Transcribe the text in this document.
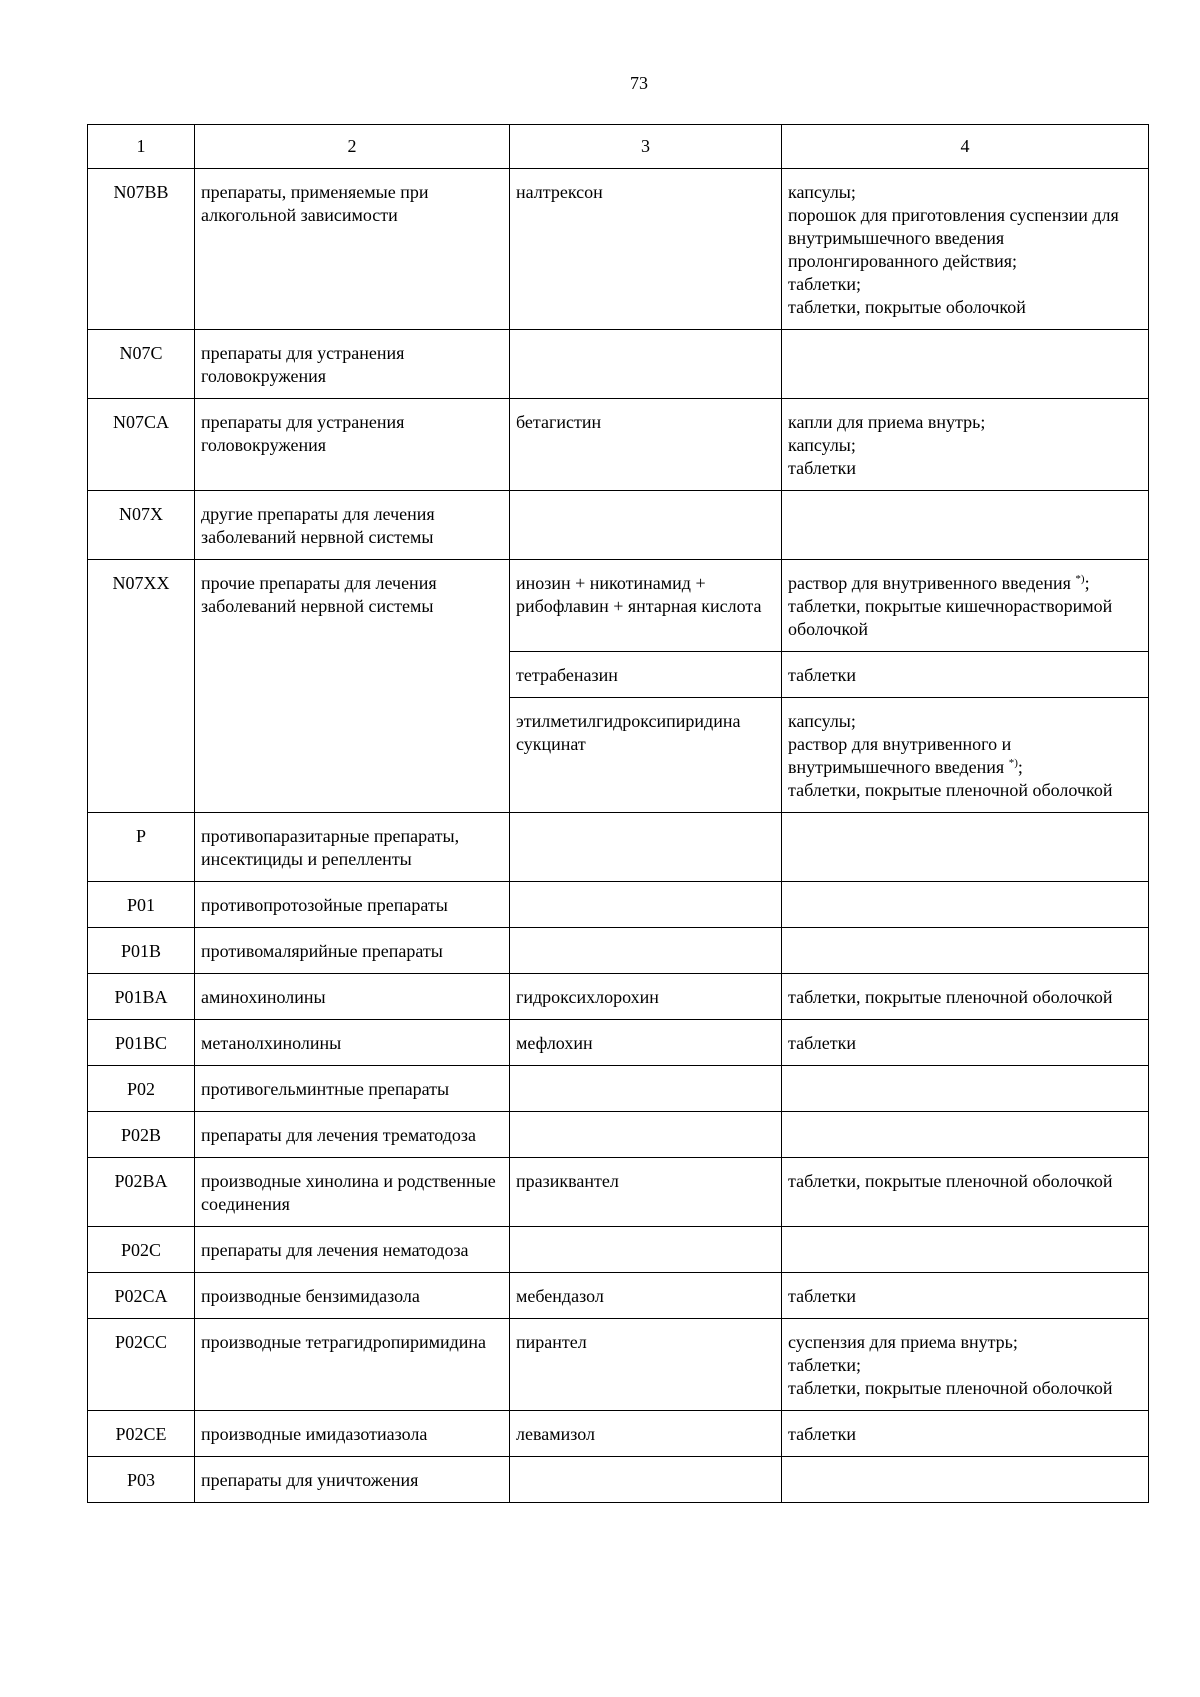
73
1	2	3	4
N07BB	препараты, применяемые при алкогольной зависимости	налтрексон	капсулы;
порошок для приготовления суспензии для внутримышечного введения пролонгированного действия;
таблетки;
таблетки, покрытые оболочкой
N07C	препараты для устранения головокружения		
N07CA	препараты для устранения головокружения	бетагистин	капли для приема внутрь;
капсулы;
таблетки
N07X	другие препараты для лечения заболеваний нервной системы		
N07XX	прочие препараты для лечения заболеваний нервной системы	инозин + никотинамид + рибофлавин + янтарная кислота	раствор для внутривенного введения *);
таблетки, покрытые кишечнорастворимой оболочкой
		тетрабеназин	таблетки
		этилметилгидроксипиридина сукцинат	капсулы;
раствор для внутривенного и внутримышечного введения *);
таблетки, покрытые пленочной оболочкой
P	противопаразитарные препараты, инсектициды и репелленты		
P01	противопротозойные препараты		
P01B	противомалярийные препараты		
P01BA	аминохинолины	гидроксихлорохин	таблетки, покрытые пленочной оболочкой
P01BC	метанолхинолины	мефлохин	таблетки
P02	противогельминтные препараты		
P02B	препараты для лечения трематодоза		
P02BA	производные хинолина и родственные соединения	празиквантел	таблетки, покрытые пленочной оболочкой
P02C	препараты для лечения нематодоза		
P02CA	производные бензимидазола	мебендазол	таблетки
P02CC	производные тетрагидропиримидина	пирантел	суспензия для приема внутрь;
таблетки;
таблетки, покрытые пленочной оболочкой
P02CE	производные имидазотиазола	левамизол	таблетки
P03	препараты для уничтожения		
